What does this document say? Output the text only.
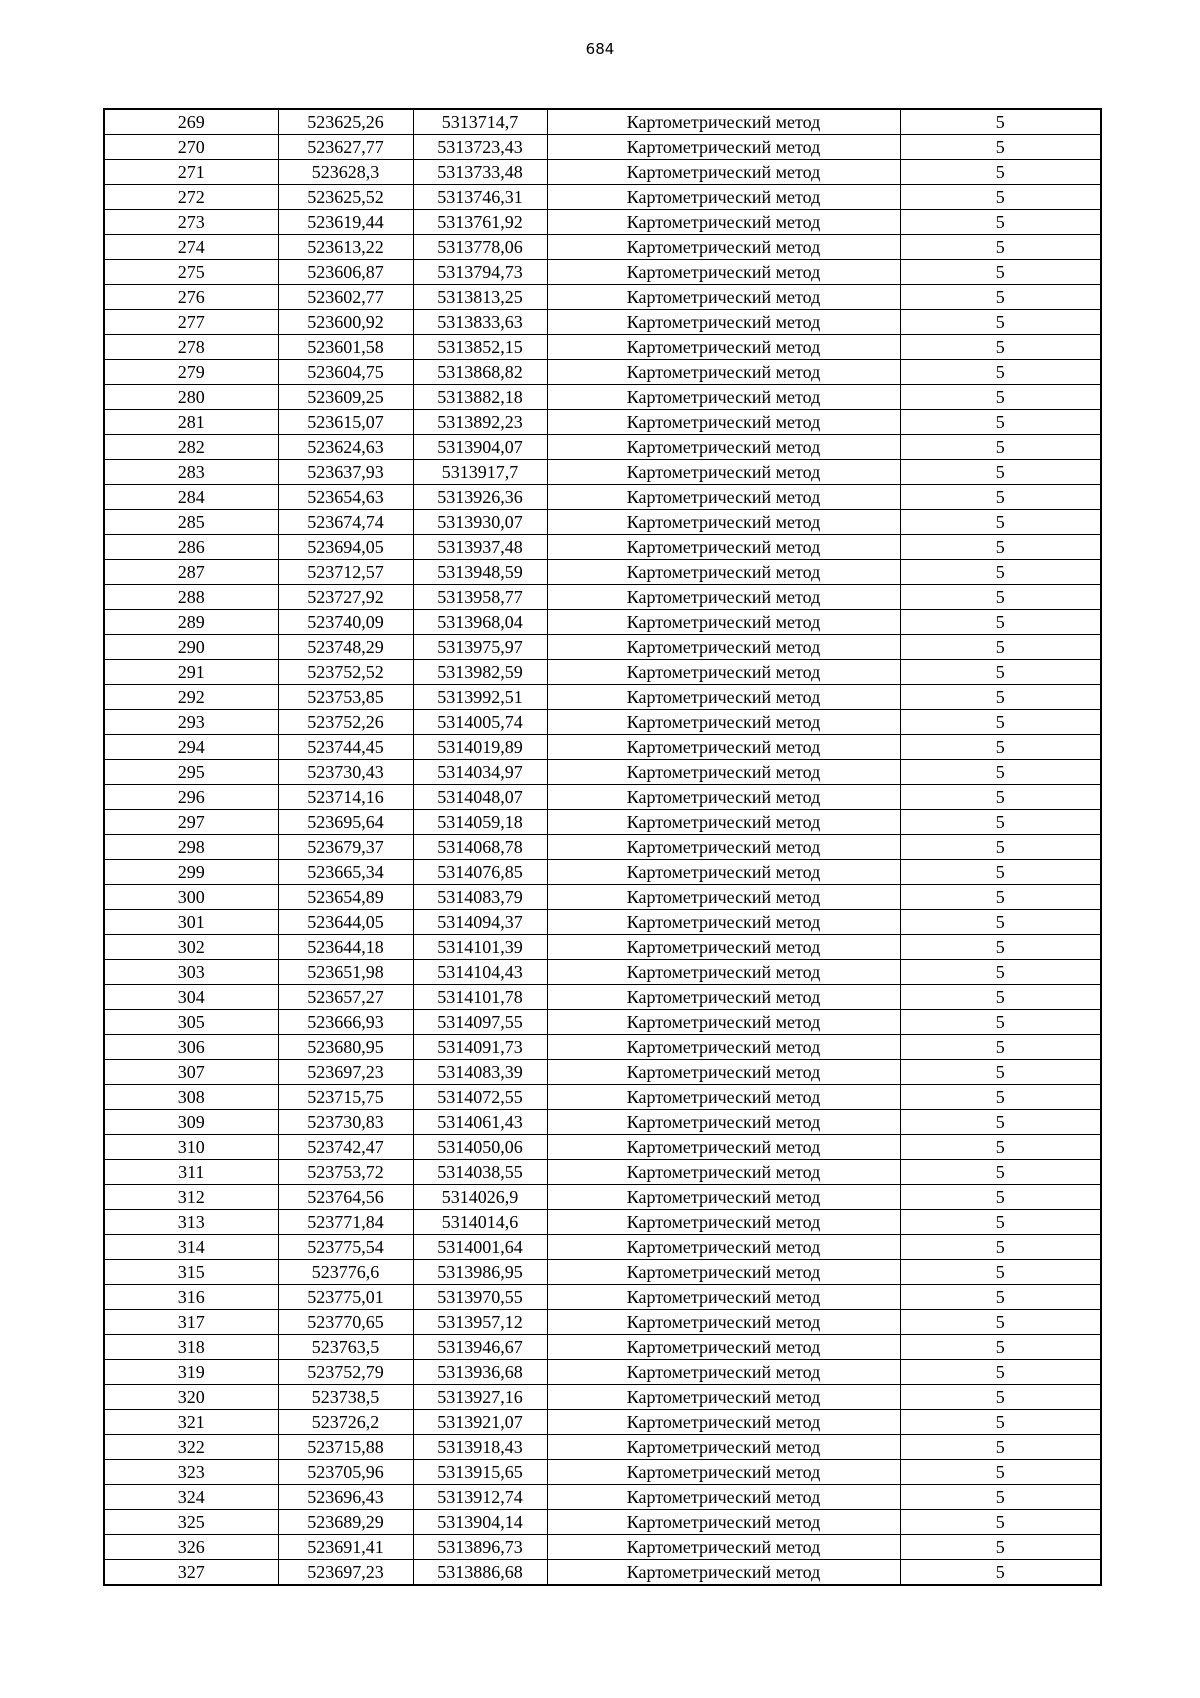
684
269	523625,26	5313714,7	Картометрический метод	5
270	523627,77	5313723,43	Картометрический метод	5
271	523628,3	5313733,48	Картометрический метод	5
272	523625,52	5313746,31	Картометрический метод	5
273	523619,44	5313761,92	Картометрический метод	5
274	523613,22	5313778,06	Картометрический метод	5
275	523606,87	5313794,73	Картометрический метод	5
276	523602,77	5313813,25	Картометрический метод	5
277	523600,92	5313833,63	Картометрический метод	5
278	523601,58	5313852,15	Картометрический метод	5
279	523604,75	5313868,82	Картометрический метод	5
280	523609,25	5313882,18	Картометрический метод	5
281	523615,07	5313892,23	Картометрический метод	5
282	523624,63	5313904,07	Картометрический метод	5
283	523637,93	5313917,7	Картометрический метод	5
284	523654,63	5313926,36	Картометрический метод	5
285	523674,74	5313930,07	Картометрический метод	5
286	523694,05	5313937,48	Картометрический метод	5
287	523712,57	5313948,59	Картометрический метод	5
288	523727,92	5313958,77	Картометрический метод	5
289	523740,09	5313968,04	Картометрический метод	5
290	523748,29	5313975,97	Картометрический метод	5
291	523752,52	5313982,59	Картометрический метод	5
292	523753,85	5313992,51	Картометрический метод	5
293	523752,26	5314005,74	Картометрический метод	5
294	523744,45	5314019,89	Картометрический метод	5
295	523730,43	5314034,97	Картометрический метод	5
296	523714,16	5314048,07	Картометрический метод	5
297	523695,64	5314059,18	Картометрический метод	5
298	523679,37	5314068,78	Картометрический метод	5
299	523665,34	5314076,85	Картометрический метод	5
300	523654,89	5314083,79	Картометрический метод	5
301	523644,05	5314094,37	Картометрический метод	5
302	523644,18	5314101,39	Картометрический метод	5
303	523651,98	5314104,43	Картометрический метод	5
304	523657,27	5314101,78	Картометрический метод	5
305	523666,93	5314097,55	Картометрический метод	5
306	523680,95	5314091,73	Картометрический метод	5
307	523697,23	5314083,39	Картометрический метод	5
308	523715,75	5314072,55	Картометрический метод	5
309	523730,83	5314061,43	Картометрический метод	5
310	523742,47	5314050,06	Картометрический метод	5
311	523753,72	5314038,55	Картометрический метод	5
312	523764,56	5314026,9	Картометрический метод	5
313	523771,84	5314014,6	Картометрический метод	5
314	523775,54	5314001,64	Картометрический метод	5
315	523776,6	5313986,95	Картометрический метод	5
316	523775,01	5313970,55	Картометрический метод	5
317	523770,65	5313957,12	Картометрический метод	5
318	523763,5	5313946,67	Картометрический метод	5
319	523752,79	5313936,68	Картометрический метод	5
320	523738,5	5313927,16	Картометрический метод	5
321	523726,2	5313921,07	Картометрический метод	5
322	523715,88	5313918,43	Картометрический метод	5
323	523705,96	5313915,65	Картометрический метод	5
324	523696,43	5313912,74	Картометрический метод	5
325	523689,29	5313904,14	Картометрический метод	5
326	523691,41	5313896,73	Картометрический метод	5
327	523697,23	5313886,68	Картометрический метод	5
